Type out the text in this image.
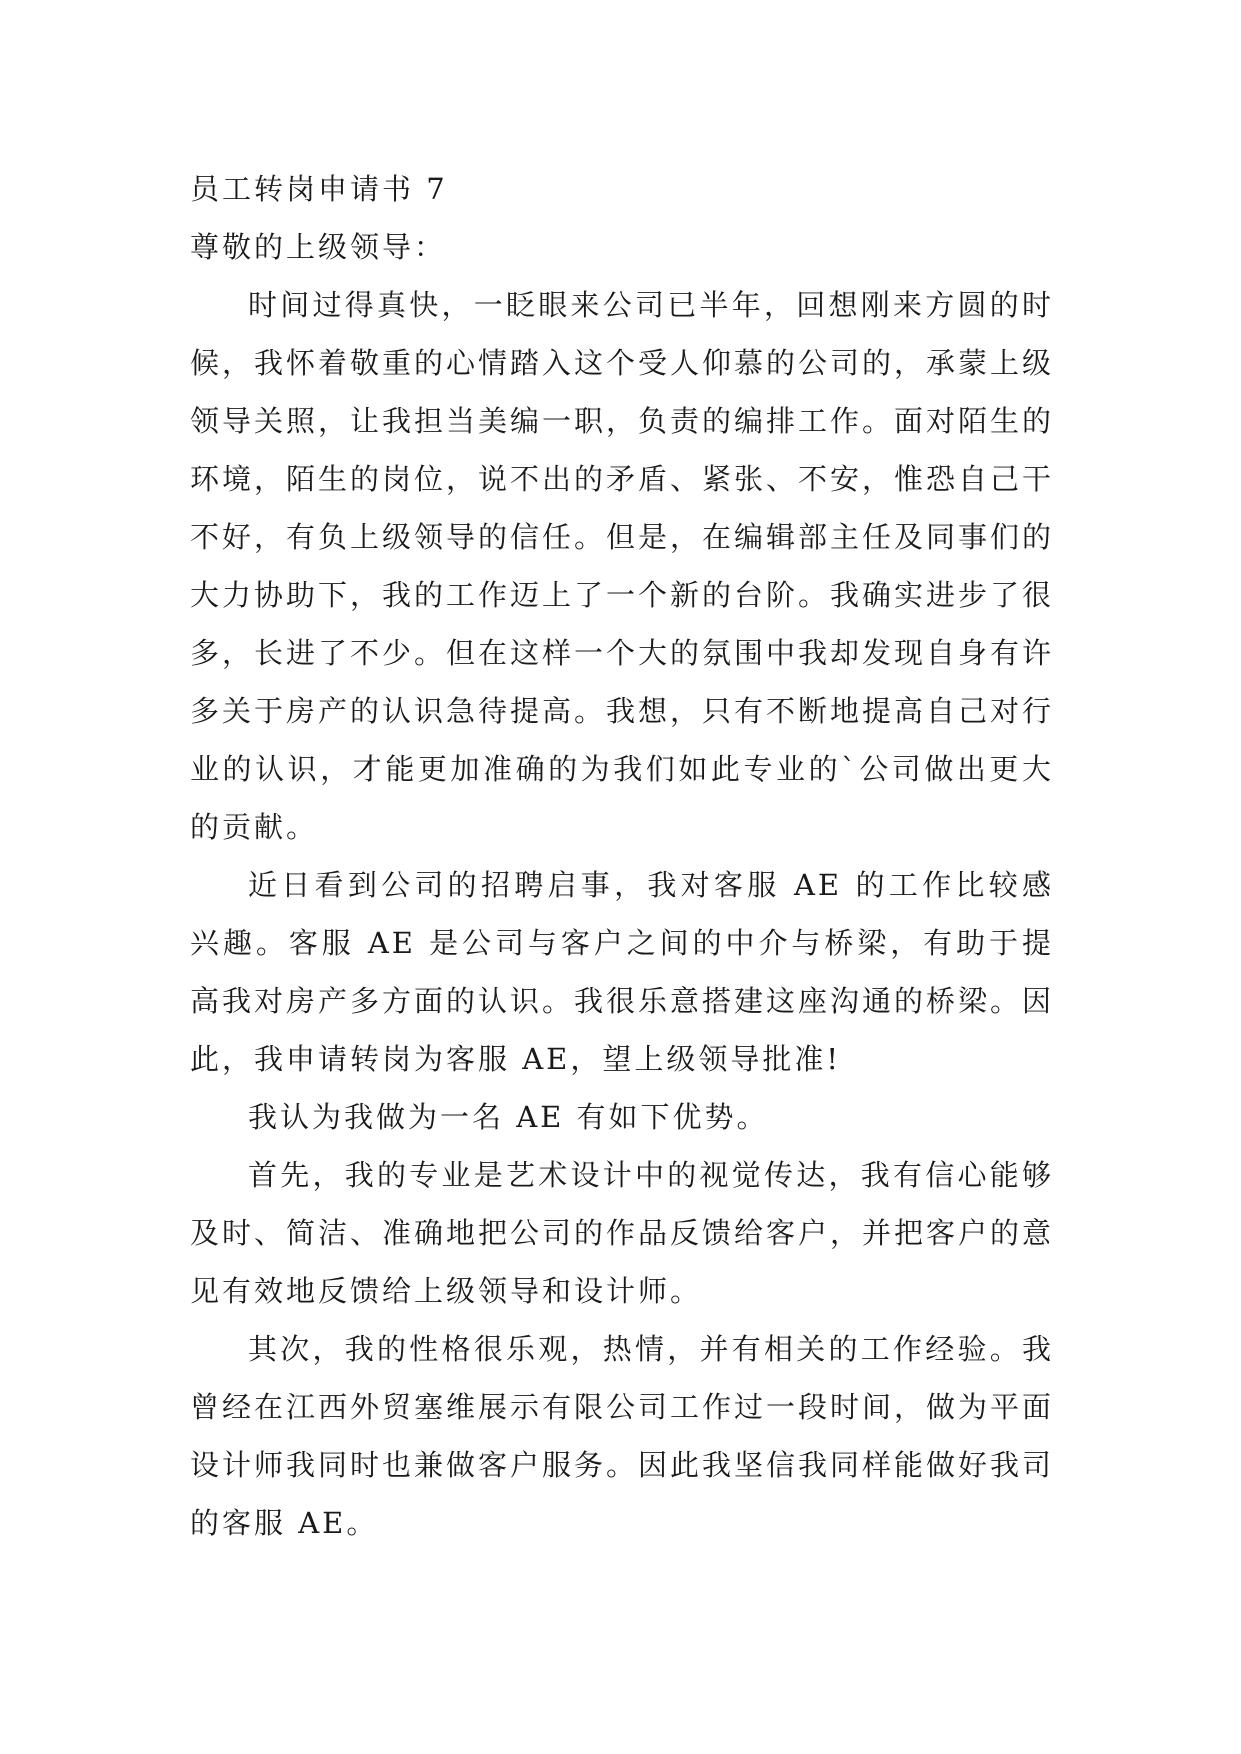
员工转岗申请书 7
尊敬的上级领导：

时间过得真快，一眨眼来公司已半年，回想刚来方圆的时候，我怀着敬重的心情踏入这个受人仰慕的公司的，承蒙上级领导关照，让我担当美编一职，负责的编排工作。面对陌生的环境，陌生的岗位，说不出的矛盾、紧张、不安，惟恐自己干不好，有负上级领导的信任。但是，在编辑部主任及同事们的大力协助下，我的工作迈上了一个新的台阶。我确实进步了很多，长进了不少。但在这样一个大的氛围中我却发现自身有许多关于房产的认识急待提高。我想，只有不断地提高自己对行业的认识，才能更加准确的为我们如此专业的`公司做出更大的贡献。

近日看到公司的招聘启事，我对客服 AE 的工作比较感兴趣。客服 AE 是公司与客户之间的中介与桥梁，有助于提高我对房产多方面的认识。我很乐意搭建这座沟通的桥梁。因此，我申请转岗为客服 AE，望上级领导批准!

我认为我做为一名 AE 有如下优势。

首先，我的专业是艺术设计中的视觉传达，我有信心能够及时、简洁、准确地把公司的作品反馈给客户，并把客户的意见有效地反馈给上级领导和设计师。

其次，我的性格很乐观，热情，并有相关的工作经验。我曾经在江西外贸塞维展示有限公司工作过一段时间，做为平面设计师我同时也兼做客户服务。因此我坚信我同样能做好我司的客服 AE。
